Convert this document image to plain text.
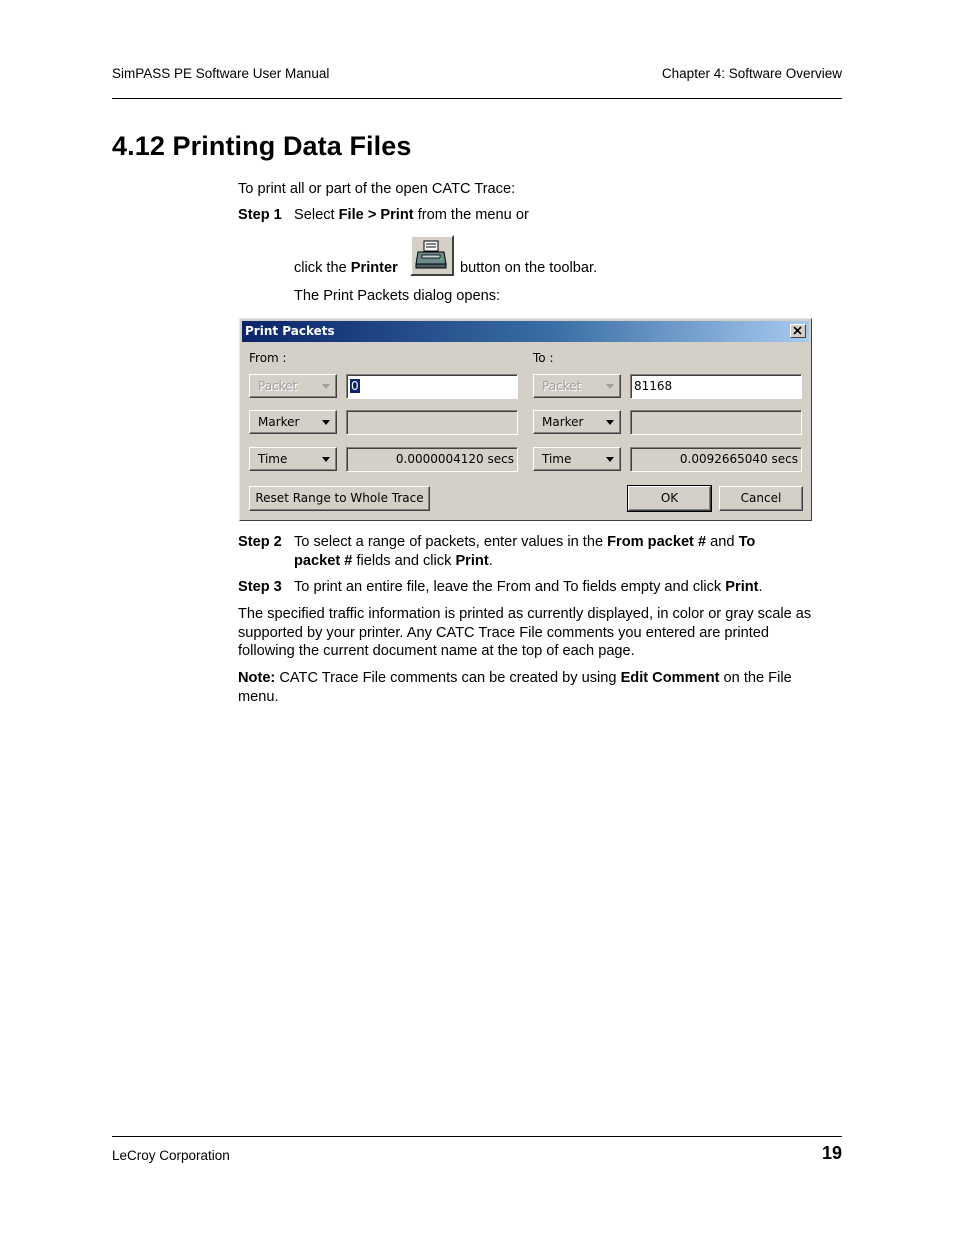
SimPASS PE Software User Manual	Chapter 4: Software Overview
4.12 Printing Data Files
To print all or part of the open CATC Trace:
Step 1 Select File > Print from the menu or
click the Printer	button on the toolbar.
The Print Packets dialog opens:
Print Packets
From :
Packet	0
Marker
Time	0.0000004120 secs
To :
Packet	81168
Marker
Time	0.0092665040 secs
Reset Range to Whole Trace	OK	Cancel
Step 2 To select a range of packets, enter values in the From packet # and To
packet # fields and click Print.
Step 3 To print an entire file, leave the From and To fields empty and click Print.
The specified traffic information is printed as currently displayed, in color or gray scale as
supported by your printer. Any CATC Trace File comments you entered are printed
following the current document name at the top of each page.
Note: CATC Trace File comments can be created by using Edit Comment on the File
menu.
LeCroy Corporation	19
